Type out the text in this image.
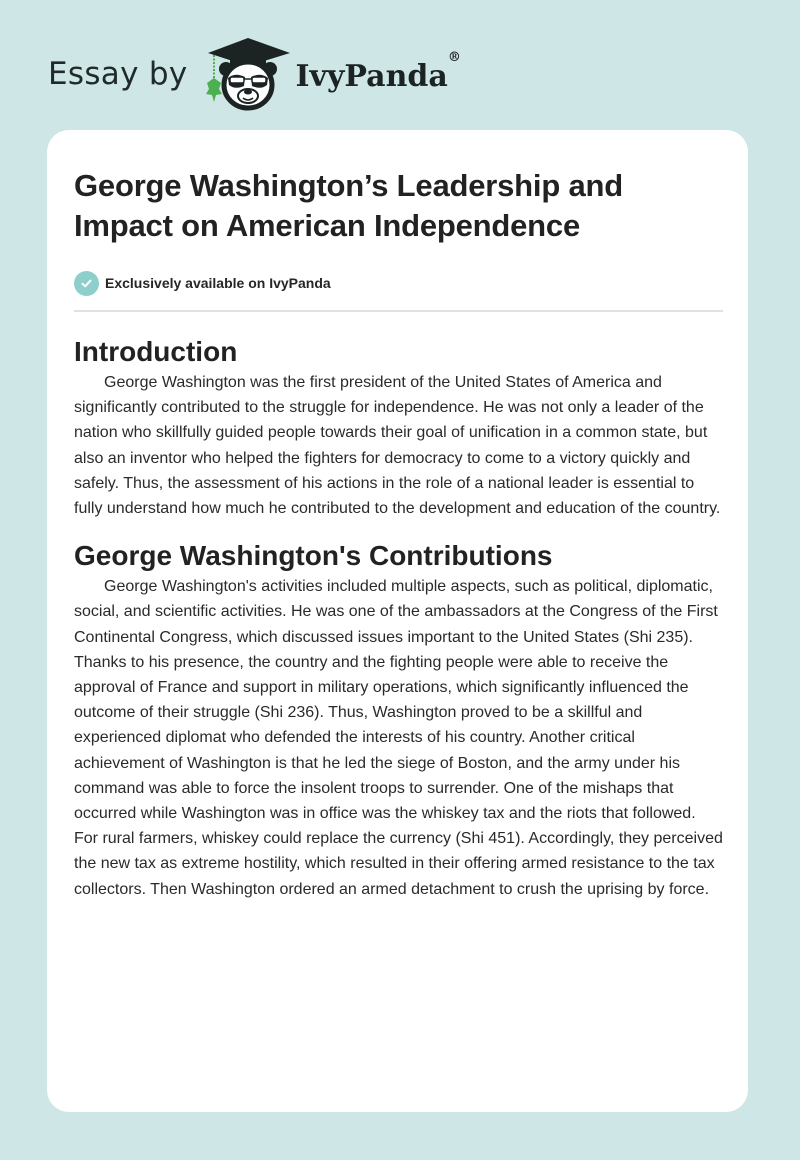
Essay by	IvyPanda®
George Washington’s Leadership and Impact on American Independence
Exclusively available on IvyPanda
Introduction

George Washington was the first president of the United States of America and significantly contributed to the struggle for independence. He was not only a leader of the nation who skillfully guided people towards their goal of unification in a common state, but also an inventor who helped the fighters for democracy to come to a victory quickly and safely. Thus, the assessment of his actions in the role of a national leader is essential to fully understand how much he contributed to the development and education of the country.

George Washington's Contributions

George Washington's activities included multiple aspects, such as political, diplomatic, social, and scientific activities. He was one of the ambassadors at the Congress of the First Continental Congress, which discussed issues important to the United States (Shi 235). Thanks to his presence, the country and the fighting people were able to receive the approval of France and support in military operations, which significantly influenced the outcome of their struggle (Shi 236). Thus, Washington proved to be a skillful and experienced diplomat who defended the interests of his country. Another critical achievement of Washington is that he led the siege of Boston, and the army under his command was able to force the insolent troops to surrender. One of the mishaps that occurred while Washington was in office was the whiskey tax and the riots that followed. For rural farmers, whiskey could replace the currency (Shi 451). Accordingly, they perceived the new tax as extreme hostility, which resulted in their offering armed resistance to the tax collectors. Then Washington ordered an armed detachment to crush the uprising by force.
